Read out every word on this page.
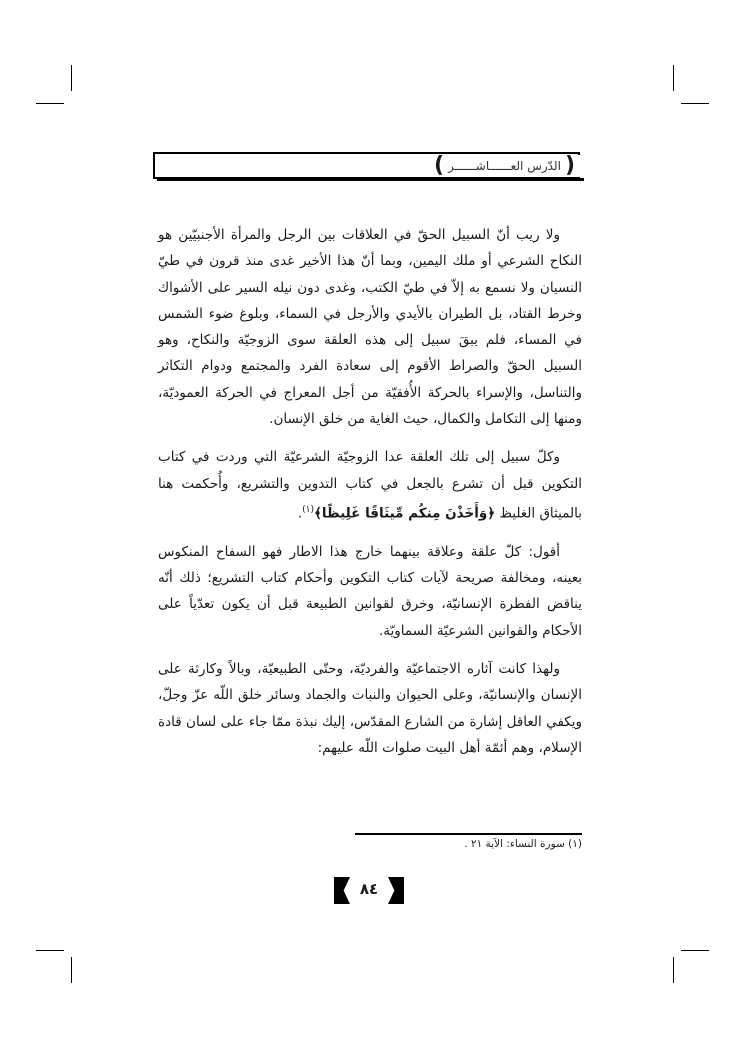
(
الدّرس العــــــاشــــــر
)

ولا ريب أنّ السبيل الحقّ في العلاقات بين الرجل والمرأة الأجنبيّين هو النكاح الشرعي أو ملك اليمين، وبما أنّ هذا الأخير غدى منذ قرون في طيّ النسيان ولا نسمع به إلاّ في طيّ الكتب، وغدى دون نيله السير على الأشواك وخرط القتاد، بل الطيران بالأيدي والأرجل في السماء، وبلوغ ضوء الشمس في المساء، فلم يبقَ سبيل إلى هذه العلقة سوى الزوجيّة والنكاح، وهو السبيل الحقّ والصراط الأقوم إلى سعادة الفرد والمجتمع ودوام التكاثر والتناسل، والإسراء بالحركة الأُفقيّة من أجل المعراج في الحركة العموديّة، ومنها إلى التكامل والكمال، حيث الغاية من خلق الإنسان.

وكلّ سبيل إلى تلك العلقة عدا الزوجيّة الشرعيّة التي وردت في كتاب التكوين قبل أن تشرع بالجعل في كتاب التدوين والتشريع، وأُحكمت هنا بالميثاق الغليظ ﴿وَأَخَذْنَ مِنكُم مِّيثَاقًا غَلِيظًا﴾$^{(١)}$.

أقول: كلّ علقة وعلاقة بينهما خارج هذا الاطار فهو السفاح المنكوس بعينه، ومخالفة صريحة لآيات كتاب التكوين وأحكام كتاب التشريع؛ ذلك أنّه يناقض الفطرة الإنسانيّة، وخرق لقوانين الطبيعة قبل أن يكون تعدّياً على الأحكام والقوانين الشرعيّة السماويّة.

ولهذا كانت آثاره الاجتماعيّة والفرديّة، وحتّى الطبيعيّة، وبالاً وكارثة على الإنسان والإنسانيّة، وعلى الحيوان والنبات والجماد وسائر خلق اللّه عزّ وجلّ، ويكفي العاقل إشارة من الشارع المقدّس، إليك نبذة ممّا جاء على لسان قادة الإسلام، وهم أئمّة أهل البيت صلوات اللّه عليهم:

(١) سورة النساء: الآية ٢١ .
٨٤
